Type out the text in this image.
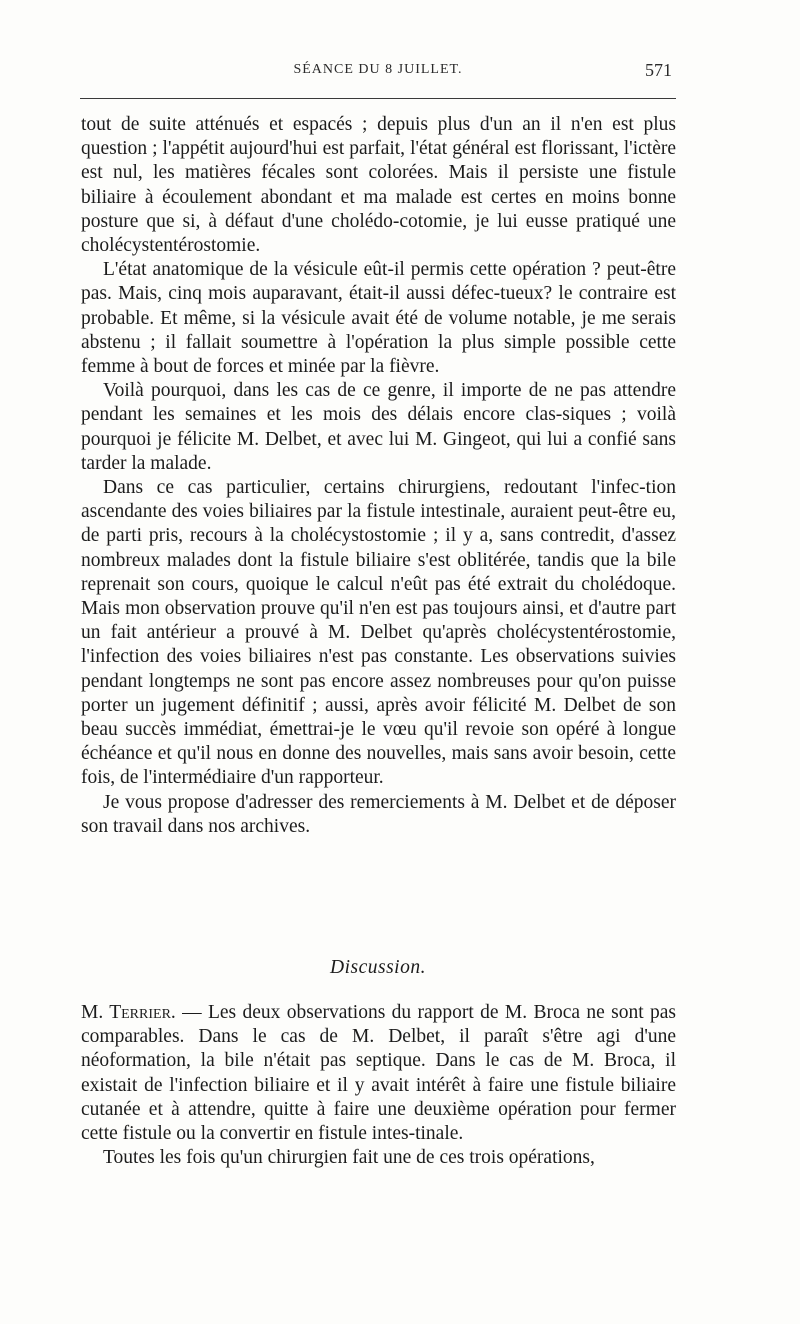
SÉANCE DU 8 JUILLET.	571

tout de suite atténués et espacés ; depuis plus d'un an il n'en est plus question ; l'appétit aujourd'hui est parfait, l'état général est florissant, l'ictère est nul, les matières fécales sont colorées. Mais il persiste une fistule biliaire à écoulement abondant et ma malade est certes en moins bonne posture que si, à défaut d'une cholédo-cotomie, je lui eusse pratiqué une cholécystentérostomie.

L'état anatomique de la vésicule eût-il permis cette opération ? peut-être pas. Mais, cinq mois auparavant, était-il aussi défec-tueux? le contraire est probable. Et même, si la vésicule avait été de volume notable, je me serais abstenu ; il fallait soumettre à l'opération la plus simple possible cette femme à bout de forces et minée par la fièvre.

Voilà pourquoi, dans les cas de ce genre, il importe de ne pas attendre pendant les semaines et les mois des délais encore clas-siques ; voilà pourquoi je félicite M. Delbet, et avec lui M. Gingeot, qui lui a confié sans tarder la malade.

Dans ce cas particulier, certains chirurgiens, redoutant l'infec-tion ascendante des voies biliaires par la fistule intestinale, auraient peut-être eu, de parti pris, recours à la cholécystostomie ; il y a, sans contredit, d'assez nombreux malades dont la fistule biliaire s'est oblitérée, tandis que la bile reprenait son cours, quoique le calcul n'eût pas été extrait du cholédoque. Mais mon observation prouve qu'il n'en est pas toujours ainsi, et d'autre part un fait antérieur a prouvé à M. Delbet qu'après cholécystentérostomie, l'infection des voies biliaires n'est pas constante. Les observations suivies pendant longtemps ne sont pas encore assez nombreuses pour qu'on puisse porter un jugement définitif ; aussi, après avoir félicité M. Delbet de son beau succès immédiat, émettrai-je le vœu qu'il revoie son opéré à longue échéance et qu'il nous en donne des nouvelles, mais sans avoir besoin, cette fois, de l'intermédiaire d'un rapporteur.

Je vous propose d'adresser des remerciements à M. Delbet et de déposer son travail dans nos archives.

Discussion.

M. Terrier. — Les deux observations du rapport de M. Broca ne sont pas comparables. Dans le cas de M. Delbet, il paraît s'être agi d'une néoformation, la bile n'était pas septique. Dans le cas de M. Broca, il existait de l'infection biliaire et il y avait intérêt à faire une fistule biliaire cutanée et à attendre, quitte à faire une deuxième opération pour fermer cette fistule ou la convertir en fistule intes-tinale.

Toutes les fois qu'un chirurgien fait une de ces trois opérations,
